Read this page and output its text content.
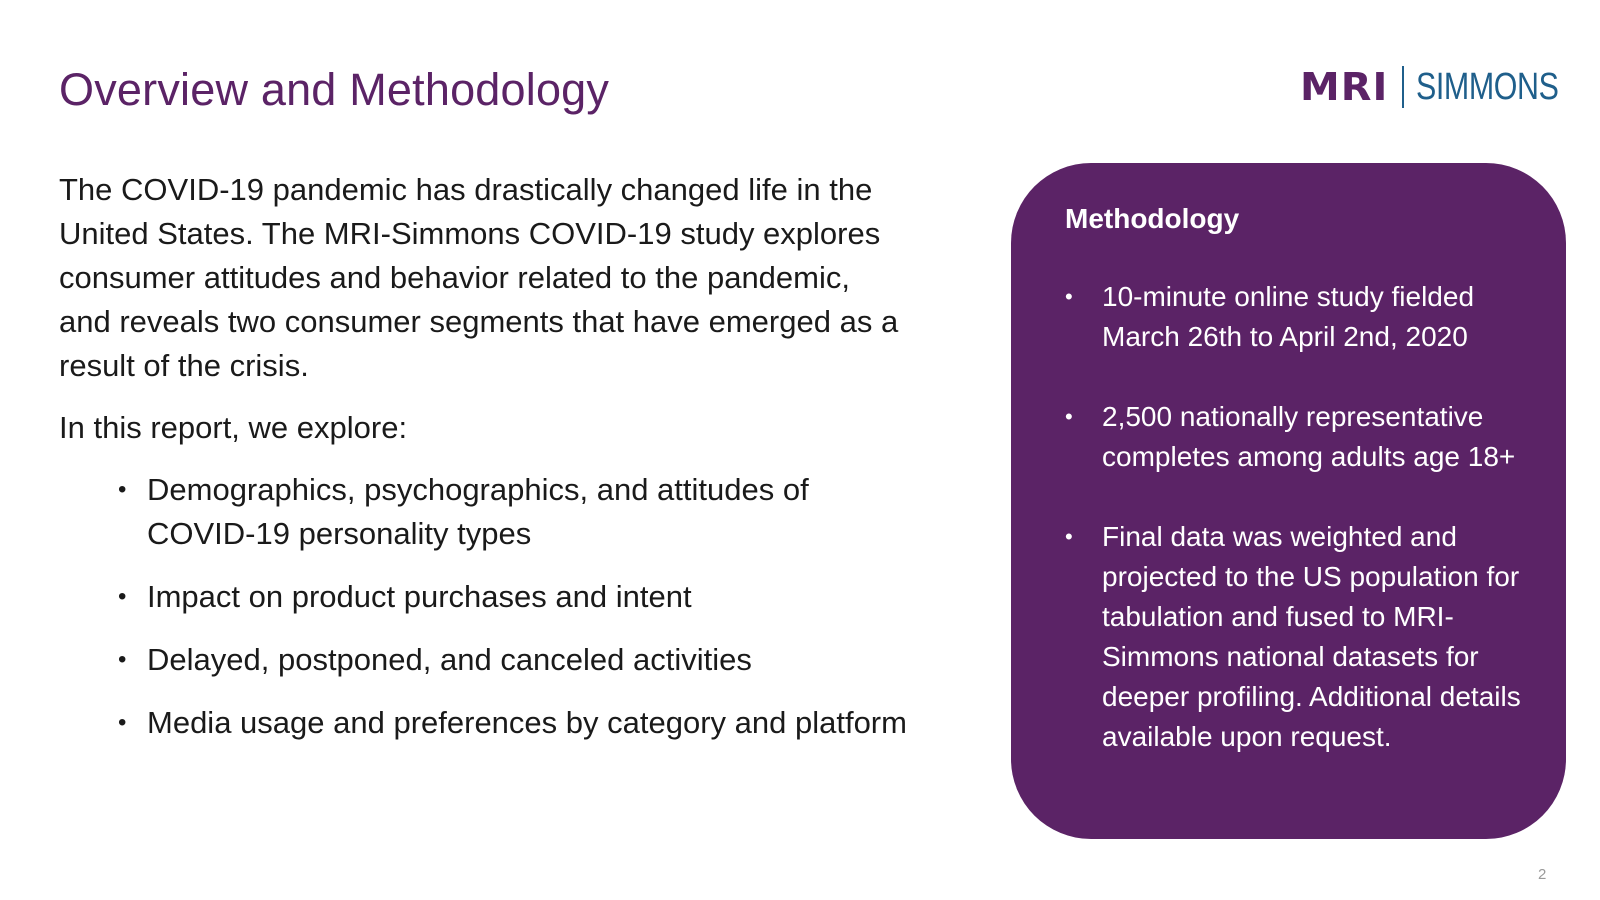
Overview and Methodology	MRI SIMMONS

The COVID-19 pandemic has drastically changed life in the United States. The MRI-Simmons COVID-19 study explores consumer attitudes and behavior related to the pandemic, and reveals two consumer segments that have emerged as a result of the crisis.

In this report, we explore:

• Demographics, psychographics, and attitudes of COVID-19 personality types
• Impact on product purchases and intent
• Delayed, postponed, and canceled activities
• Media usage and preferences by category and platform
Methodology
• 10-minute online study fielded March 26th to April 2nd, 2020
• 2,500 nationally representative completes among adults age 18+
• Final data was weighted and projected to the US population for tabulation and fused to MRI-Simmons national datasets for deeper profiling. Additional details available upon request.
2
